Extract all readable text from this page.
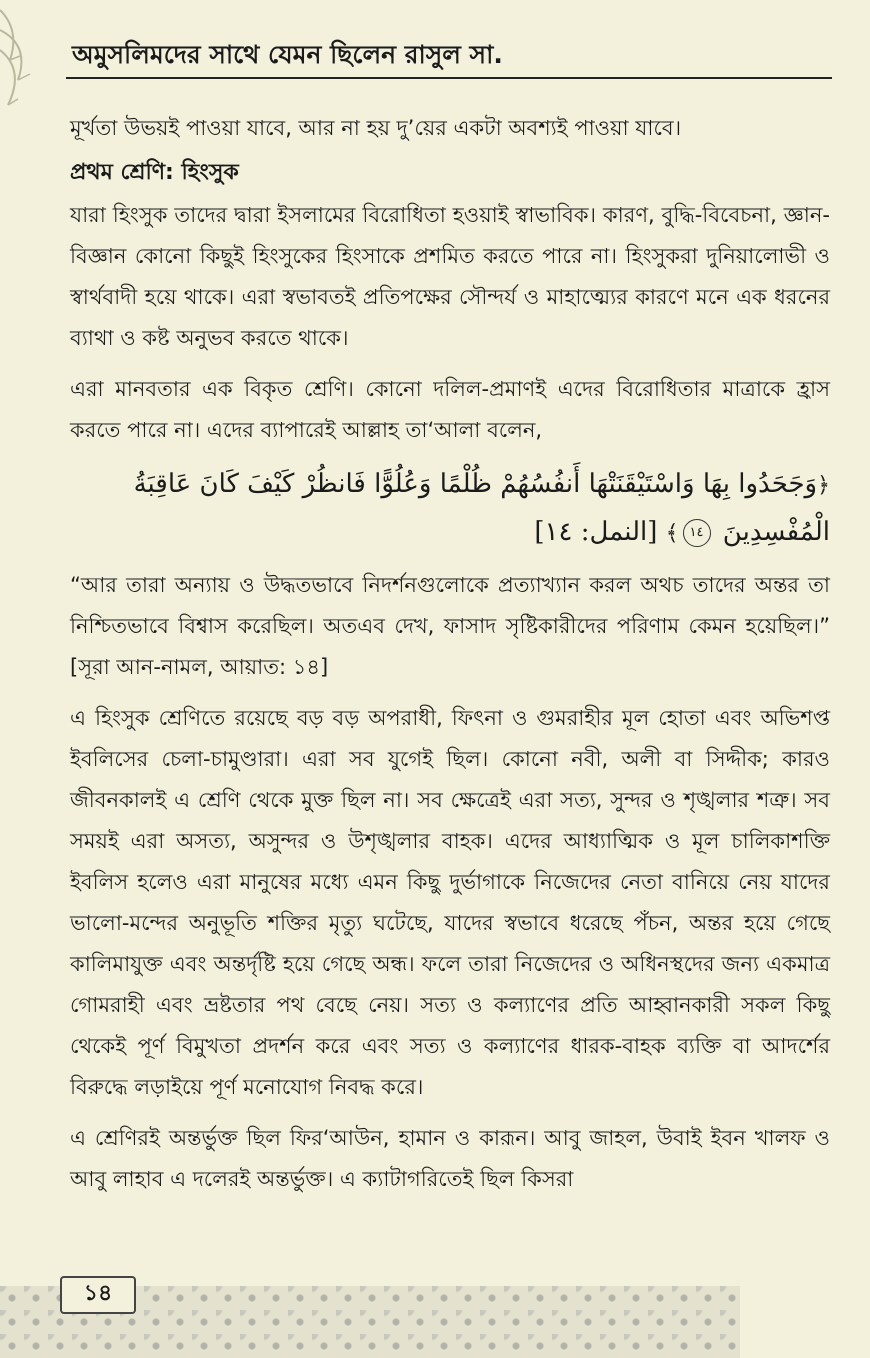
অমুসলিমদের সাথে যেমন ছিলেন রাসুল সা.

মূর্খতা উভয়ই পাওয়া যাবে, আর না হয় দু’য়ের একটা অবশ্যই পাওয়া যাবে।

প্রথম শ্রেণি: হিংসুক

যারা হিংসুক তাদের দ্বারা ইসলামের বিরোধিতা হওয়াই স্বাভাবিক। কারণ, বুদ্ধি-বিবেচনা, জ্ঞান-বিজ্ঞান কোনো কিছুই হিংসুকের হিংসাকে প্রশমিত করতে পারে না। হিংসুকরা দুনিয়ালোভী ও স্বার্থবাদী হয়ে থাকে। এরা স্বভাবতই প্রতিপক্ষের সৌন্দর্য ও মাহাত্ম্যের কারণে মনে এক ধরনের ব্যাথা ও কষ্ট অনুভব করতে থাকে।

এরা মানবতার এক বিকৃত শ্রেণি। কোনো দলিল-প্রমাণই এদের বিরোধিতার মাত্রাকে হ্রাস করতে পারে না। এদের ব্যাপারেই আল্লাহ তা‘আলা বলেন,

﴿وَجَحَدُوا بِهَا وَاسْتَيْقَنَتْهَا أَنفُسُهُمْ ظُلْمًا وَعُلُوًّا فَانظُرْ كَيْفَ كَانَ عَاقِبَةُ الْمُفْسِدِينَ ١٤﴾ [النمل: ١٤]

“আর তারা অন্যায় ও উদ্ধতভাবে নিদর্শনগুলোকে প্রত্যাখ্যান করল অথচ তাদের অন্তর তা নিশ্চিতভাবে বিশ্বাস করেছিল। অতএব দেখ, ফাসাদ সৃষ্টিকারীদের পরিণাম কেমন হয়েছিল।” [সূরা আন-নামল, আয়াত: ১৪]

এ হিংসুক শ্রেণিতে রয়েছে বড় বড় অপরাধী, ফিৎনা ও গুমরাহীর মূল হোতা এবং অভিশপ্ত ইবলিসের চেলা-চামুণ্ডারা। এরা সব যুগেই ছিল। কোনো নবী, অলী বা সিদ্দীক; কারও জীবনকালই এ শ্রেণি থেকে মুক্ত ছিল না। সব ক্ষেত্রেই এরা সত্য, সুন্দর ও শৃঙ্খলার শত্রু। সব সময়ই এরা অসত্য, অসুন্দর ও উশৃঙ্খলার বাহক। এদের আধ্যাত্মিক ও মূল চালিকাশক্তি ইবলিস হলেও এরা মানুষের মধ্যে এমন কিছু দুর্ভাগাকে নিজেদের নেতা বানিয়ে নেয় যাদের ভালো-মন্দের অনুভূতি শক্তির মৃত্যু ঘটেছে, যাদের স্বভাবে ধরেছে পঁচন, অন্তর হয়ে গেছে কালিমাযুক্ত এবং অন্তর্দৃষ্টি হয়ে গেছে অন্ধ। ফলে তারা নিজেদের ও অধিনস্থদের জন্য একমাত্র গোমরাহী এবং ভ্রষ্টতার পথ বেছে নেয়। সত্য ও কল্যাণের প্রতি আহ্বানকারী সকল কিছু থেকেই পূর্ণ বিমুখতা প্রদর্শন করে এবং সত্য ও কল্যাণের ধারক-বাহক ব্যক্তি বা আদর্শের বিরুদ্ধে লড়াইয়ে পূর্ণ মনোযোগ নিবদ্ধ করে।

এ শ্রেণিরই অন্তর্ভুক্ত ছিল ফির‘আউন, হামান ও কারূন। আবু জাহল, উবাই ইবন খালফ ও আবু লাহাব এ দলেরই অন্তর্ভুক্ত। এ ক্যাটাগরিতেই ছিল কিসরা

১৪
